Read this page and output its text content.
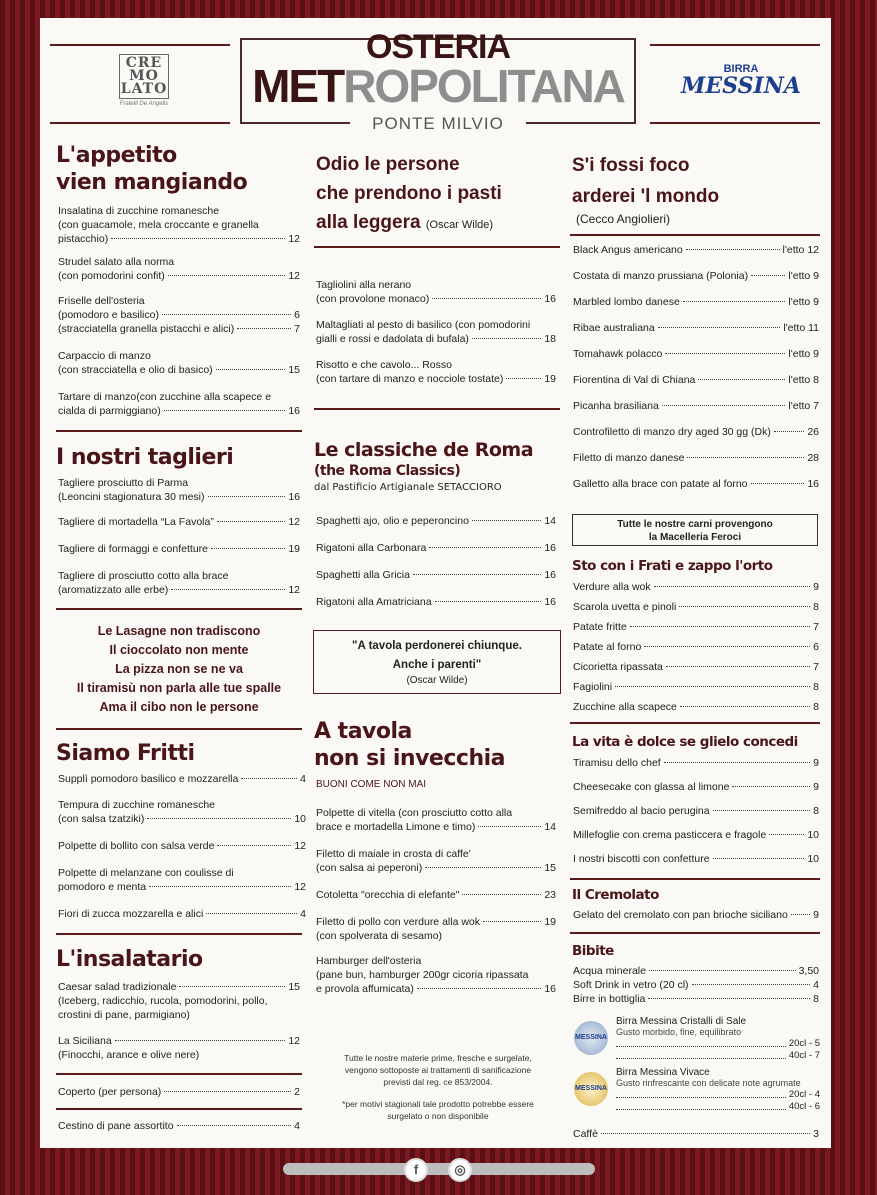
CRE MO LATO
Fratelli De Angelis
OSTERIA
METROPOLITANA
PONTE MILVIO
BIRRA
MESSINA
L'appetito
vien mangiando
Insalatina di zucchine romanesche
(con guacamole, mela croccante e granella
pistacchio)	12
Strudel salato alla norma
(con pomodorini confit)	12
Friselle dell'osteria
(pomodoro e basilico)	6
(stracciatella granella pistacchi e alici)	7
Carpaccio di manzo
(con stracciatella e olio di basico)	15
Tartare di manzo(con zucchine alla scapece e
cialda di parmiggiano)	16
I nostri taglieri
Tagliere prosciutto di Parma
(Leoncini stagionatura 30 mesi)	16
Tagliere di mortadella “La Favola”	12
Tagliere di formaggi e confetture	19
Tagliere di prosciutto cotto alla brace
(aromatizzato alle erbe)	12
Le Lasagne non tradiscono
Il cioccolato non mente
La pizza non se ne va
Il tiramisù non parla alle tue spalle
Ama il cibo non le persone
Siamo Fritti
Supplì pomodoro basilico e mozzarella	4
Tempura di zucchine romanesche
(con salsa tzatziki)	10
Polpette di bollito con salsa verde	12
Polpette di melanzane con coulisse di
pomodoro e menta	12
Fiori di zucca mozzarella e alici	4
L'insalatario
Caesar salad tradizionale	15
(Iceberg, radicchio, rucola, pomodorini, pollo,
crostini di pane, parmigiano)
La Siciliana	12
(Finocchi, arance e olive nere)
Coperto (per persona)	2
Cestino di pane assortito	4
Odio le persone
che prendono i pasti
alla leggera (Oscar Wilde)
Tagliolini alla nerano
(con provolone monaco)	16
Maltagliati al pesto di basilico (con pomodorini
gialli e rossi e dadolata di bufala)	18
Risotto e che cavolo... Rosso
(con tartare di manzo e nocciole tostate)	19
Le classiche de Roma
(the Roma Classics)
dal Pastificio Artigianale SETACCIORO
Spaghetti ajo, olio e peperoncino	14
Rigatoni alla Carbonara	16
Spaghetti alla Gricia	16
Rigatoni alla Amatriciana	16
"A tavola perdonerei chiunque.
Anche i parenti"
(Oscar Wilde)
A tavola
non si invecchia
BUONI COME NON MAI
Polpette di vitella (con prosciutto cotto alla
brace e mortadella Limone e timo)	14
Filetto di maiale in crosta di caffe'
(con salsa ai peperoni)	15
Cotoletta "orecchia di elefante"	23
Filetto di pollo con verdure alla wok	19
(con spolverata di sesamo)
Hamburger dell'osteria
(pane bun, hamburger 200gr cicoria ripassata
e provola affumicata)	16
Tutte le nostre materie prime, fresche e surgelate,
vengono sottoposte ai trattamenti di sanificazione
previsti dal reg. ce 853/2004.
*per motivi stagionali tale prodotto potrebbe essere
surgelato o non disponibile
S'i fossi foco
arderei 'l mondo
(Cecco Angiolieri)
Black Angus americano	l'etto 12
Costata di manzo prussiana (Polonia)	l'etto 9
Marbled lombo danese	l'etto 9
Ribae australiana	l'etto 11
Tomahawk polacco	l'etto 9
Fiorentina di Val di Chiana	l'etto 8
Picanha brasiliana	l'etto 7
Controfiletto di manzo dry aged 30 gg (Dk)	26
Filetto di manzo danese	28
Galletto alla brace con patate al forno	16
Tutte le nostre carni provengono
la Macelleria Feroci
Sto con i Frati e zappo l'orto
Verdure alla wok	9
Scarola uvetta e pinoli	8
Patate fritte	7
Patate al forno	6
Cicorietta ripassata	7
Fagiolini	8
Zucchine alla scapece	8
La vita è dolce se glielo concedi
Tiramisu dello chef	9
Cheesecake con glassa al limone	9
Semifreddo al bacio perugina	8
Millefoglie con crema pasticcera e fragole	10
I nostri biscotti con confetture	10
Il Cremolato
Gelato del cremolato con pan brioche siciliano 9
Bibite
Acqua minerale	3,50
Soft Drink in vetro (20 cl)	4
Birre in bottiglia	8
MESSINA
Birra Messina Cristalli di Sale
Gusto morbido, fine, equilibrato
20cl - 5
40cl - 7
MESSINA
Birra Messina Vivace
Gusto rinfrescante con delicate note agrumate
20cl - 4
40cl - 6
Caffè	3
f	◎
